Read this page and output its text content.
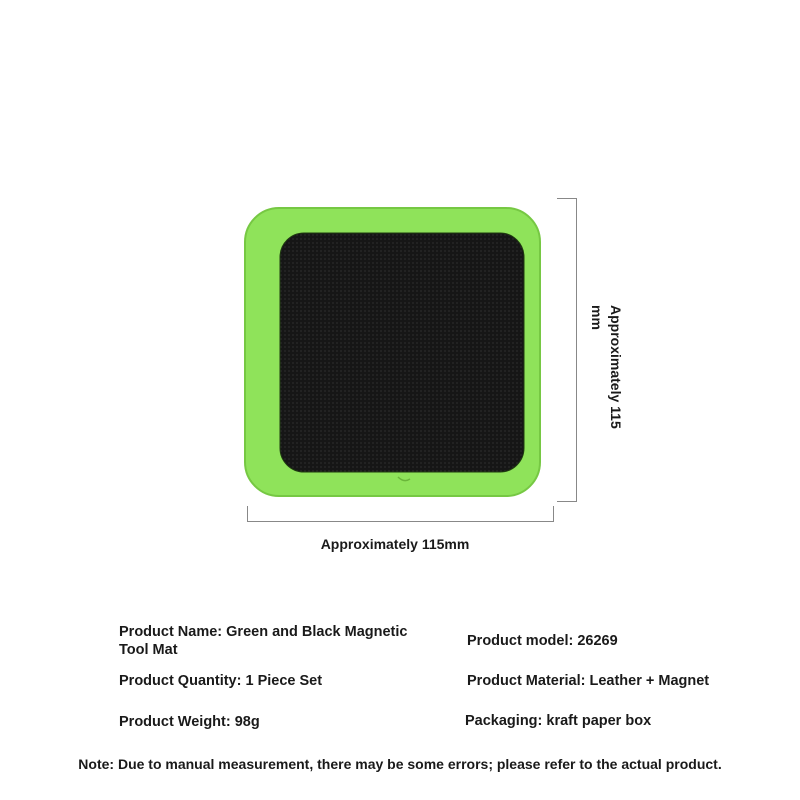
Approximately 115mm
Approximately 115 mm
Product Name: Green and Black Magnetic Tool Mat
Product model: 26269
Product Quantity: 1 Piece Set	Product Material: Leather + Magnet
Product Weight: 98g	Packaging: kraft paper box
Note: Due to manual measurement, there may be some errors; please refer to the actual product.
